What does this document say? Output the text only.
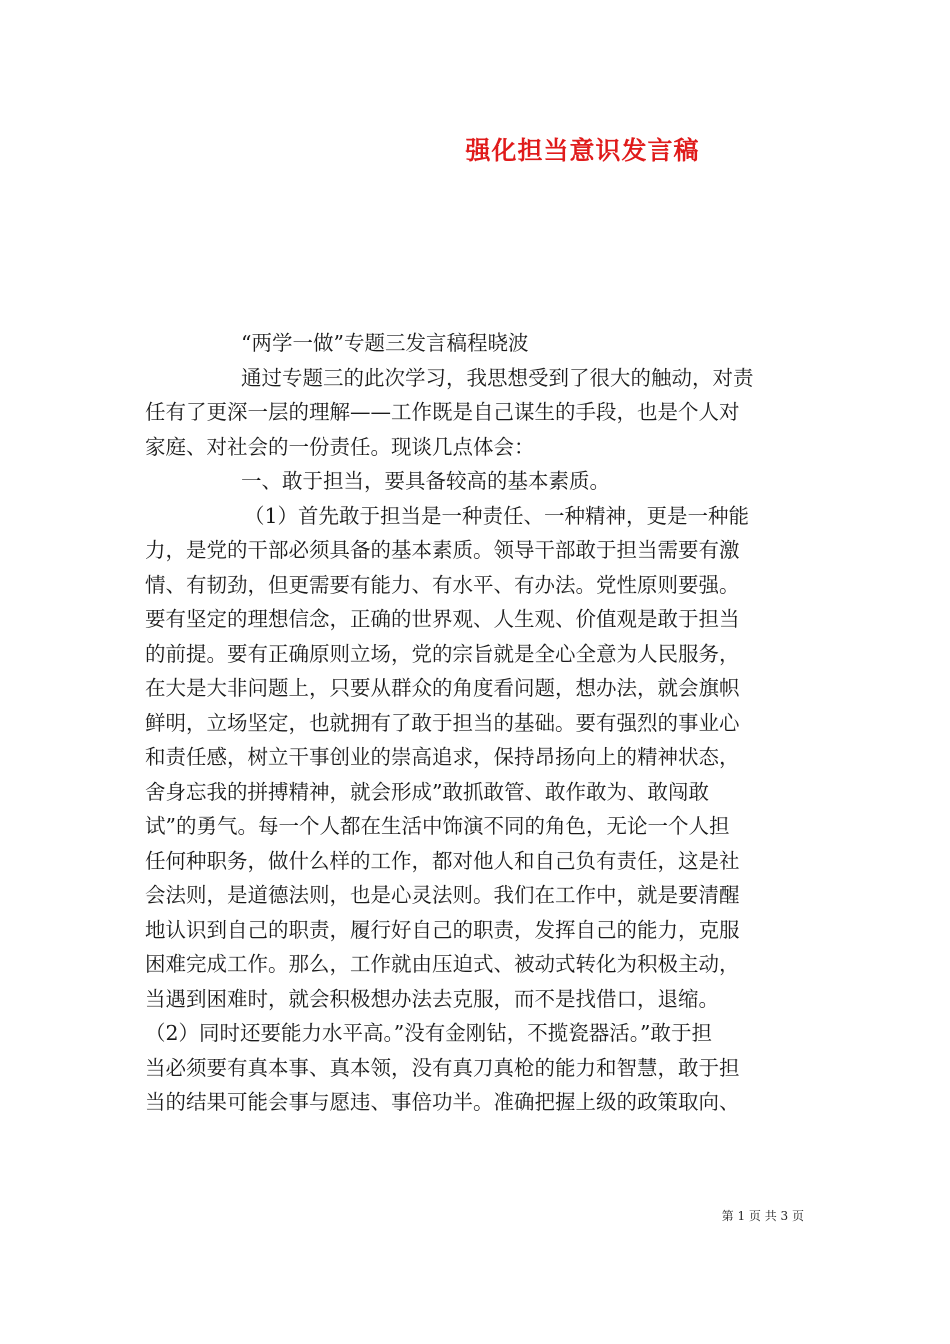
强化担当意识发言稿
“两学一做”专题三发言稿程晓波
通过专题三的此次学习，我思想受到了很大的触动，对责
任有了更深一层的理解——工作既是自己谋生的手段，也是个人对
家庭、对社会的一份责任。现谈几点体会：
一、敢于担当，要具备较高的基本素质。
（1）首先敢于担当是一种责任、一种精神，更是一种能
力，是党的干部必须具备的基本素质。领导干部敢于担当需要有激
情、有韧劲，但更需要有能力、有水平、有办法。党性原则要强。
要有坚定的理想信念，正确的世界观、人生观、价值观是敢于担当
的前提。要有正确原则立场，党的宗旨就是全心全意为人民服务，
在大是大非问题上，只要从群众的角度看问题，想办法，就会旗帜
鲜明，立场坚定，也就拥有了敢于担当的基础。要有强烈的事业心
和责任感，树立干事创业的崇高追求，保持昂扬向上的精神状态，
舍身忘我的拼搏精神，就会形成”敢抓敢管、敢作敢为、敢闯敢
试”的勇气。每一个人都在生活中饰演不同的角色，无论一个人担
任何种职务，做什么样的工作，都对他人和自己负有责任，这是社
会法则，是道德法则，也是心灵法则。我们在工作中，就是要清醒
地认识到自己的职责，履行好自己的职责，发挥自己的能力，克服
困难完成工作。那么，工作就由压迫式、被动式转化为积极主动，
当遇到困难时，就会积极想办法去克服，而不是找借口，退缩。
（2）同时还要能力水平高。”没有金刚钻，不揽瓷器活。”敢于担
当必须要有真本事、真本领，没有真刀真枪的能力和智慧，敢于担
当的结果可能会事与愿违、事倍功半。准确把握上级的政策取向、
第 1 页 共 3 页
